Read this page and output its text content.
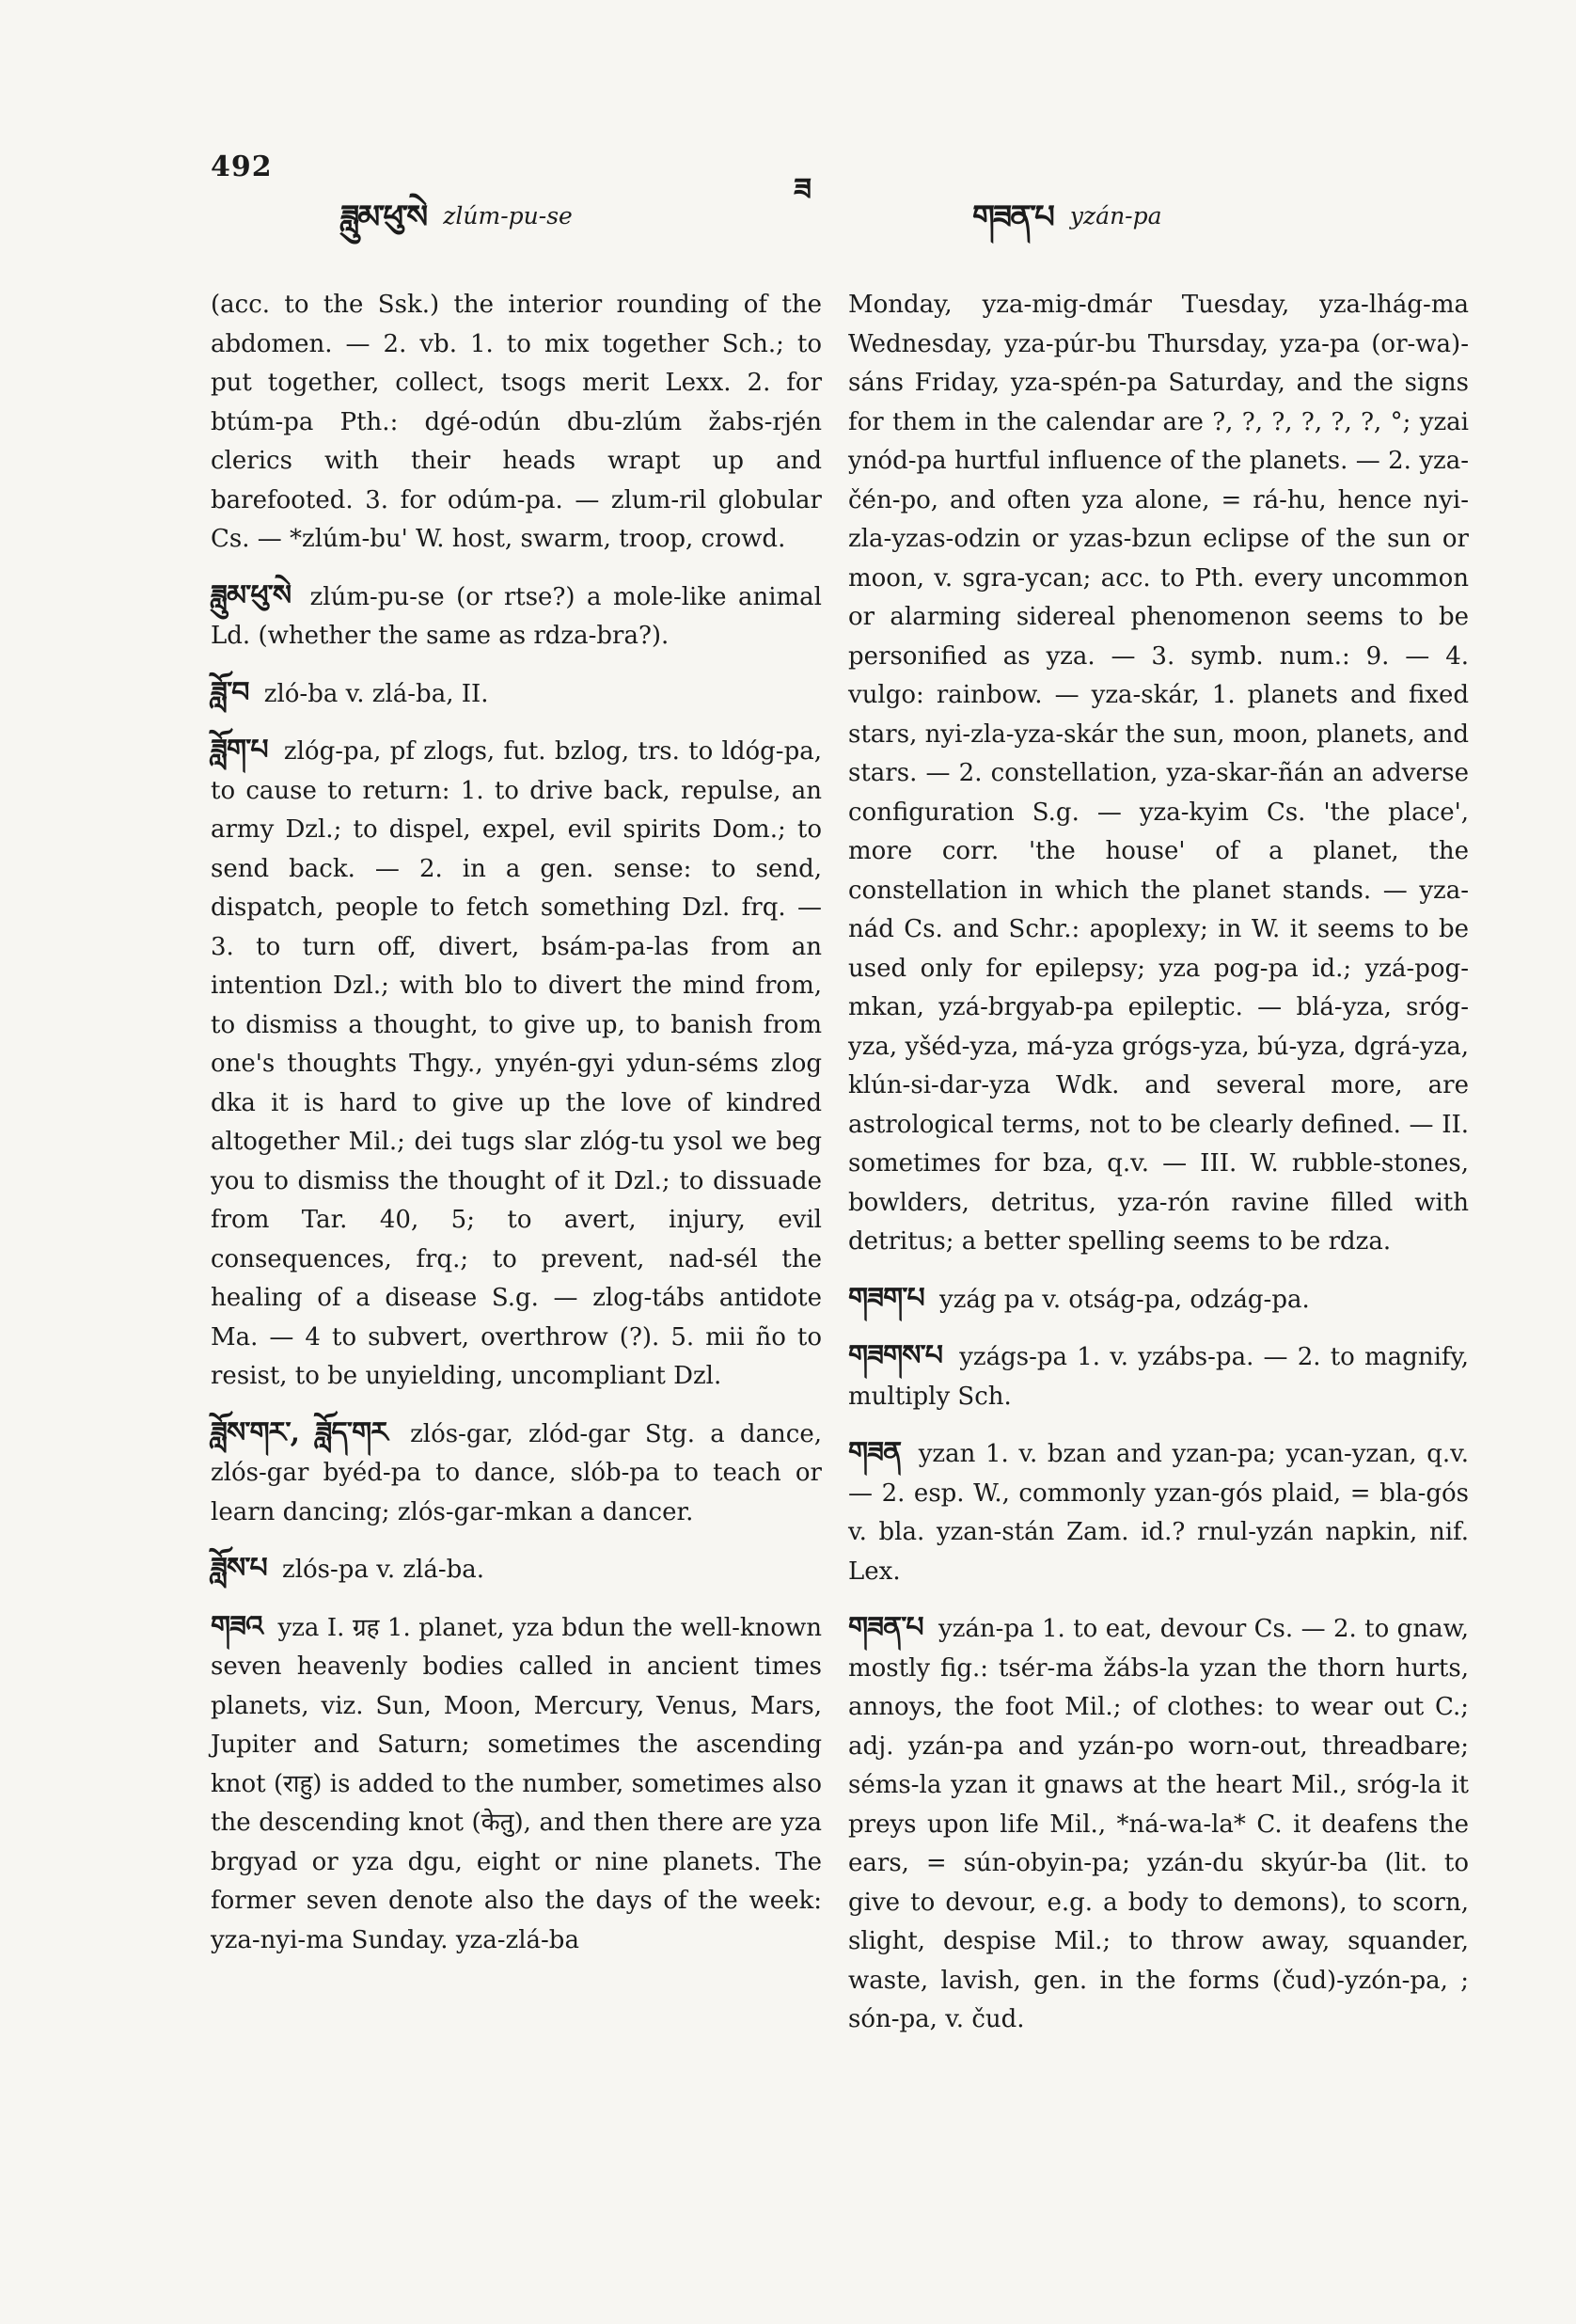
492
ཟླུམ་ཕུ་སེ zlúm-pu-se
ཟ
གཟན་པ yzán-pa

(acc. to the Ssk.) the interior rounding of the abdomen. — 2. vb. 1. to mix together Sch.; to put together, collect, tsogs merit Lexx. 2. for btúm-pa Pth.: dgé-odún dbu-zlúm žabs-rjén clerics with their heads wrapt up and barefooted. 3. for odúm-pa. — zlum-ril globular Cs. — *zlúm-bu' W. host, swarm, troop, crowd.

ཟླུམ་ཕུ་སེ zlúm-pu-se (or rtse?) a mole-like animal Ld. (whether the same as rdza-bra?).

ཟློ་བ zló-ba v. zlá-ba, II.

ཟློག་པ zlóg-pa, pf zlogs, fut. bzlog, trs. to ldóg-pa, to cause to return: 1. to drive back, repulse, an army Dzl.; to dispel, expel, evil spirits Dom.; to send back. — 2. in a gen. sense: to send, dispatch, people to fetch something Dzl. frq. — 3. to turn off, divert, bsám-pa-las from an intention Dzl.; with blo to divert the mind from, to dismiss a thought, to give up, to banish from one's thoughts Thgy., ynyén-gyi ydun-séms zlog dka it is hard to give up the love of kindred altogether Mil.; dei tugs slar zlóg-tu ysol we beg you to dismiss the thought of it Dzl.; to dissuade from Tar. 40, 5; to avert, injury, evil consequences, frq.; to prevent, nad-sél the healing of a disease S.g. — zlog-tábs antidote Ma. — 4 to subvert, overthrow (?). 5. mii ño to resist, to be unyielding, uncompliant Dzl.

ཟློས་གར་, ཟློད་གར zlós-gar, zlód-gar Stg. a dance, zlós-gar byéd-pa to dance, slób-pa to teach or learn dancing; zlós-gar-mkan a dancer.

ཟློས་པ zlós-pa v. zlá-ba.

གཟའ yza I. ग्रह 1. planet, yza bdun the well-known seven heavenly bodies called in ancient times planets, viz. Sun, Moon, Mercury, Venus, Mars, Jupiter and Saturn; sometimes the ascending knot (राहु) is added to the number, sometimes also the descending knot (केतु), and then there are yza brgyad or yza dgu, eight or nine planets. The former seven denote also the days of the week: yza-nyi-ma Sunday. yza-zlá-ba

Monday, yza-mig-dmár Tuesday, yza-lhág-ma Wednesday, yza-púr-bu Thursday, yza-pa (or-wa)-sáns Friday, yza-spén-pa Saturday, and the signs for them in the calendar are ?, ?, ?, ?, ?, ?, °; yzai ynód-pa hurtful influence of the planets. — 2. yza-čén-po, and often yza alone, = rá-hu, hence nyi-zla-yzas-odzin or yzas-bzun eclipse of the sun or moon, v. sgra-ycan; acc. to Pth. every uncommon or alarming sidereal phenomenon seems to be personified as yza. — 3. symb. num.: 9. — 4. vulgo: rainbow. — yza-skár, 1. planets and fixed stars, nyi-zla-yza-skár the sun, moon, planets, and stars. — 2. constellation, yza-skar-ñán an adverse configuration S.g. — yza-kyim Cs. 'the place', more corr. 'the house' of a planet, the constellation in which the planet stands. — yza-nád Cs. and Schr.: apoplexy; in W. it seems to be used only for epilepsy; yza pog-pa id.; yzá-pog-mkan, yzá-brgyab-pa epileptic. — blá-yza, sróg-yza, yšéd-yza, má-yza grógs-yza, bú-yza, dgrá-yza, klún-si-dar-yza Wdk. and several more, are astrological terms, not to be clearly defined. — II. sometimes for bza, q.v. — III. W. rubble-stones, bowlders, detritus, yza-rón ravine filled with detritus; a better spelling seems to be rdza.

གཟག་པ yzág pa v. otság-pa, odzág-pa.

གཟགས་པ yzágs-pa 1. v. yzábs-pa. — 2. to magnify, multiply Sch.

གཟན yzan 1. v. bzan and yzan-pa; ycan-yzan, q.v. — 2. esp. W., commonly yzan-gós plaid, = bla-gós v. bla. yzan-stán Zam. id.? rnul-yzán napkin, nif. Lex.

གཟན་པ yzán-pa 1. to eat, devour Cs. — 2. to gnaw, mostly fig.: tsér-ma žábs-la yzan the thorn hurts, annoys, the foot Mil.; of clothes: to wear out C.; adj. yzán-pa and yzán-po worn-out, threadbare; séms-la yzan it gnaws at the heart Mil., sróg-la it preys upon life Mil., *ná-wa-la* C. it deafens the ears, = sún-obyin-pa; yzán-du skyúr-ba (lit. to give to devour, e.g. a body to demons), to scorn, slight, despise Mil.; to throw away, squander, waste, lavish, gen. in the forms (čud)-yzón-pa, ; són-pa, v. čud.
